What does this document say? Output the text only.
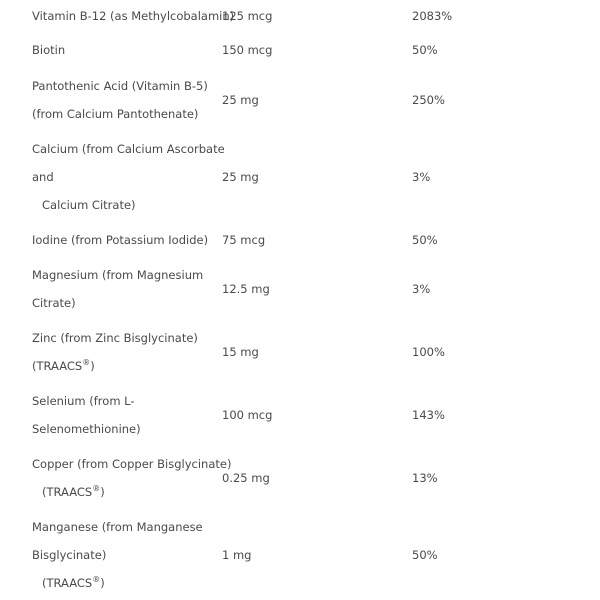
Vitamin B-12 (as Methylcobalamin)
125 mcg	2083%
Biotin	150 mcg	50%
Pantothenic Acid (Vitamin B-5)
(from Calcium Pantothenate)
25 mg	250%
Calcium (from Calcium Ascorbate
and
Calcium Citrate)
25 mg	3%
Iodine (from Potassium Iodide) 75 mcg	50%
Magnesium (from Magnesium
Citrate)
12.5 mg	3%
Zinc (from Zinc Bisglycinate)
(TRAACS®)
15 mg	100%
Selenium (from L-
Selenomethionine)
100 mcg	143%
Copper (from Copper Bisglycinate)
(TRAACS®)
0.25 mg	13%
Manganese (from Manganese
Bisglycinate)
(TRAACS®)
1 mg	50%
